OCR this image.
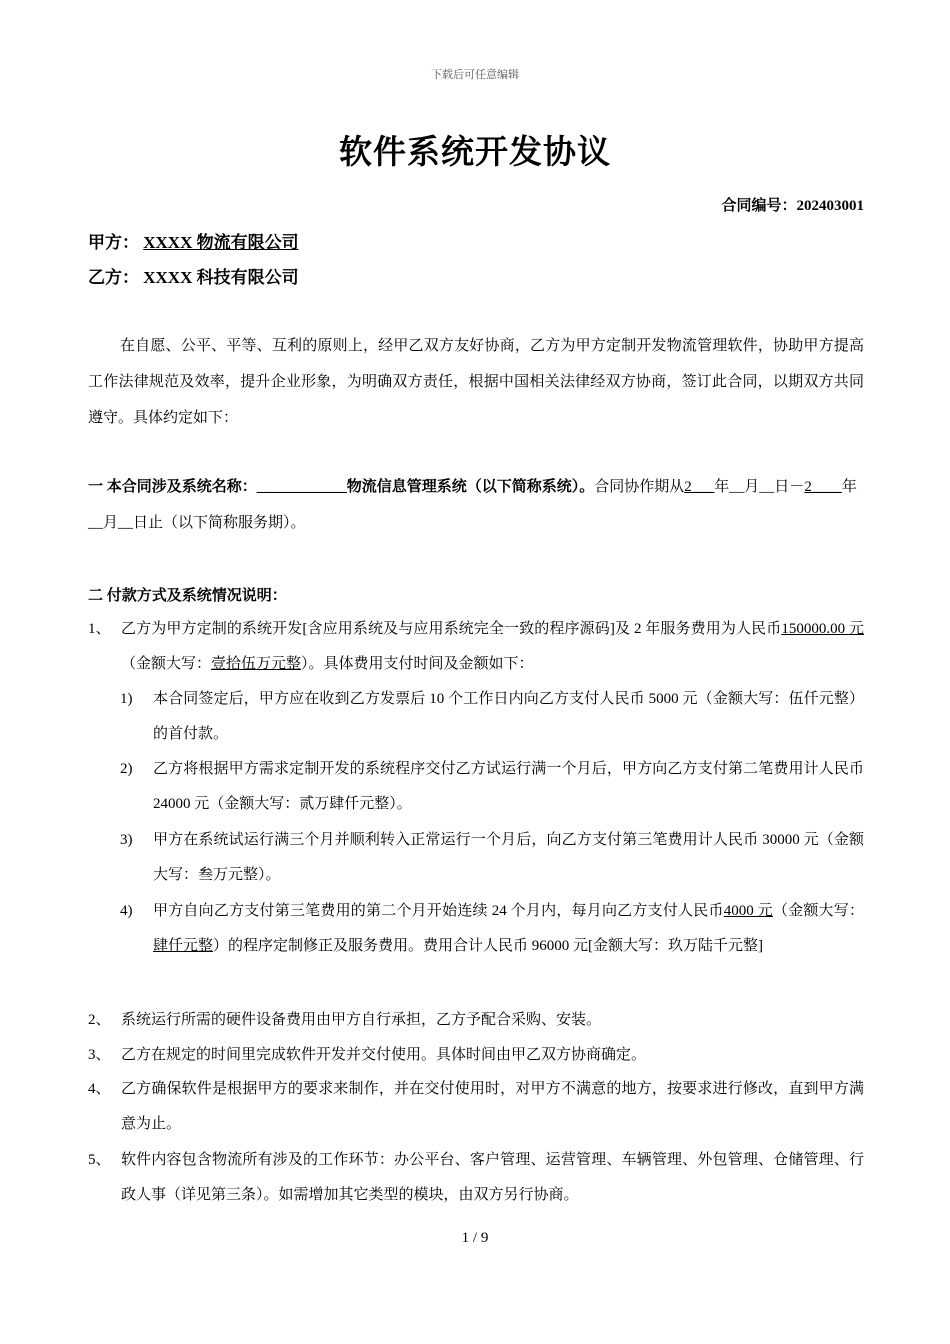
下载后可任意编辑
软件系统开发协议
合同编号：202403001
甲方： XXXX 物流有限公司
乙方： XXXX 科技有限公司
在自愿、公平、平等、互利的原则上，经甲乙双方友好协商，乙方为甲方定制开发物流管理软件，协助甲方提高工作法律规范及效率，提升企业形象，为明确双方责任，根据中国相关法律经双方协商，签订此合同，以期双方共同遵守。具体约定如下：
一 本合同涉及系统名称：____________物流信息管理系统（以下简称系统）。合同协作期从2___年__月__日－2____年__月__日止（以下简称服务期）。
二 付款方式及系统情况说明：
1、 乙方为甲方定制的系统开发[含应用系统及与应用系统完全一致的程序源码]及 2 年服务费用为人民币150000.00 元（金额大写：壹拾伍万元整）。具体费用支付时间及金额如下：
1) 本合同签定后，甲方应在收到乙方发票后 10 个工作日内向乙方支付人民币 5000 元（金额大写：伍仟元整）的首付款。
2) 乙方将根据甲方需求定制开发的系统程序交付乙方试运行满一个月后，甲方向乙方支付第二笔费用计人民币 24000 元（金额大写：贰万肆仟元整）。
3) 甲方在系统试运行满三个月并顺利转入正常运行一个月后，向乙方支付第三笔费用计人民币 30000 元（金额大写：叁万元整）。
4) 甲方自向乙方支付第三笔费用的第二个月开始连续 24 个月内，每月向乙方支付人民币4000 元（金额大写：肆仟元整）的程序定制修正及服务费用。费用合计人民币 96000 元[金额大写：玖万陆千元整]
2、 系统运行所需的硬件设备费用由甲方自行承担，乙方予配合采购、安装。
3、 乙方在规定的时间里完成软件开发并交付使用。具体时间由甲乙双方协商确定。
4、 乙方确保软件是根据甲方的要求来制作，并在交付使用时，对甲方不满意的地方，按要求进行修改，直到甲方满意为止。
5、 软件内容包含物流所有涉及的工作环节：办公平台、客户管理、运营管理、车辆管理、外包管理、仓储管理、行政人事（详见第三条）。如需增加其它类型的模块，由双方另行协商。
1 / 9
